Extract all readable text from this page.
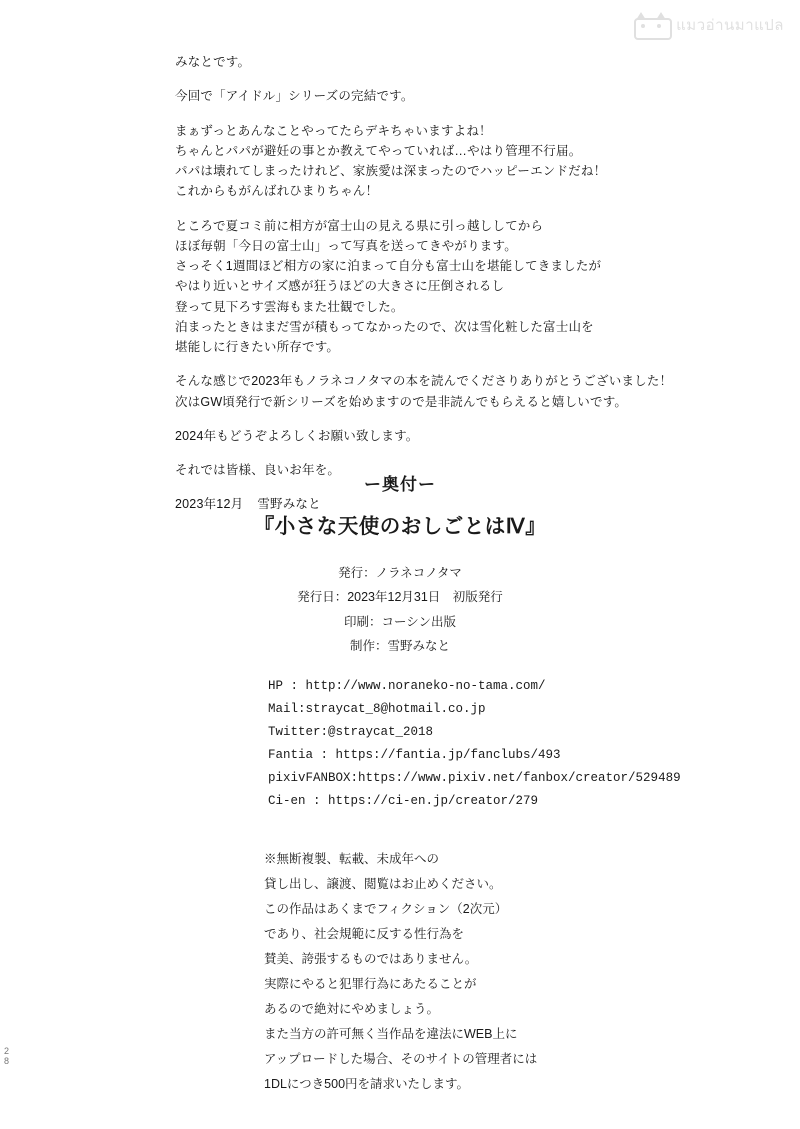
แมวอ่านมาแปล

みなとです。

今回で「アイドル」シリーズの完結です。

まぁずっとあんなことやってたらデキちゃいますよね！
ちゃんとパパが避妊の事とか教えてやっていれば…やはり管理不行届。
パパは壊れてしまったけれど、家族愛は深まったのでハッピーエンドだね！
これからもがんばれひまりちゃん！

ところで夏コミ前に相方が富士山の見える県に引っ越ししてから
ほぼ毎朝「今日の富士山」って写真を送ってきやがります。
さっそく1週間ほど相方の家に泊まって自分も富士山を堪能してきましたが
やはり近いとサイズ感が狂うほどの大きさに圧倒されるし
登って見下ろす雲海もまた壮観でした。
泊まったときはまだ雪が積もってなかったので、次は雪化粧した富士山を
堪能しに行きたい所存です。

そんな感じで2023年もノラネコノタマの本を読んでくださりありがとうございました！
次はGW頃発行で新シリーズを始めますので是非読んでもらえると嬉しいです。

2024年もどうぞよろしくお願い致します。

それでは皆様、良いお年を。

2023年12月 雪野みなと

ー奥付ー
『小さな天使のおしごとはⅣ』
発行：ノラネコノタマ
発行日：2023年12月31日　初版発行
印刷：コーシン出版
制作：雪野みなと
HP : http://www.noraneko-no-tama.com/
Mail:straycat_8@hotmail.co.jp
Twitter:@straycat_2018
Fantia : https://fantia.jp/fanclubs/493
pixivFANBOX:https://www.pixiv.net/fanbox/creator/529489
Ci-en : https://ci-en.jp/creator/279
※無断複製、転載、未成年への
貸し出し、譲渡、閲覧はお止めください。
この作品はあくまでフィクション（2次元）
であり、社会規範に反する性行為を
賛美、誇張するものではありません。
実際にやると犯罪行為にあたることが
あるので絶対にやめましょう。
また当方の許可無く当作品を違法にWEB上に
アップロードした場合、そのサイトの管理者には
1DLにつき500円を請求いたします。
2
8
